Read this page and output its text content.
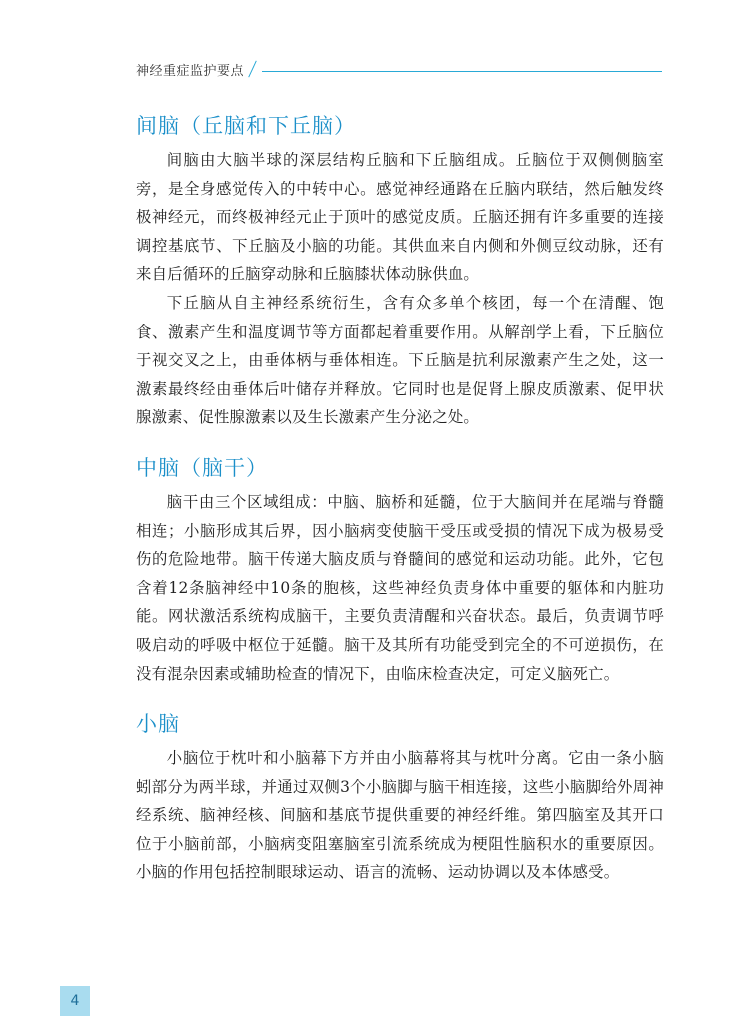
神经重症监护要点
间脑（丘脑和下丘脑）

间脑由大脑半球的深层结构丘脑和下丘脑组成。丘脑位于双侧侧脑室旁，是全身感觉传入的中转中心。感觉神经通路在丘脑内联结，然后触发终极神经元，而终极神经元止于顶叶的感觉皮质。丘脑还拥有许多重要的连接调控基底节、下丘脑及小脑的功能。其供血来自内侧和外侧豆纹动脉，还有来自后循环的丘脑穿动脉和丘脑膝状体动脉供血。

下丘脑从自主神经系统衍生，含有众多单个核团，每一个在清醒、饱食、激素产生和温度调节等方面都起着重要作用。从解剖学上看，下丘脑位于视交叉之上，由垂体柄与垂体相连。下丘脑是抗利尿激素产生之处，这一激素最终经由垂体后叶储存并释放。它同时也是促肾上腺皮质激素、促甲状腺激素、促性腺激素以及生长激素产生分泌之处。

中脑（脑干）

脑干由三个区域组成：中脑、脑桥和延髓，位于大脑间并在尾端与脊髓相连；小脑形成其后界，因小脑病变使脑干受压或受损的情况下成为极易受伤的危险地带。脑干传递大脑皮质与脊髓间的感觉和运动功能。此外，它包含着12条脑神经中10条的胞核，这些神经负责身体中重要的躯体和内脏功能。网状激活系统构成脑干，主要负责清醒和兴奋状态。最后，负责调节呼吸启动的呼吸中枢位于延髓。脑干及其所有功能受到完全的不可逆损伤，在没有混杂因素或辅助检查的情况下，由临床检查决定，可定义脑死亡。

小脑

小脑位于枕叶和小脑幕下方并由小脑幕将其与枕叶分离。它由一条小脑蚓部分为两半球，并通过双侧3个小脑脚与脑干相连接，这些小脑脚给外周神经系统、脑神经核、间脑和基底节提供重要的神经纤维。第四脑室及其开口位于小脑前部，小脑病变阻塞脑室引流系统成为梗阻性脑积水的重要原因。小脑的作用包括控制眼球运动、语言的流畅、运动协调以及本体感受。

4
